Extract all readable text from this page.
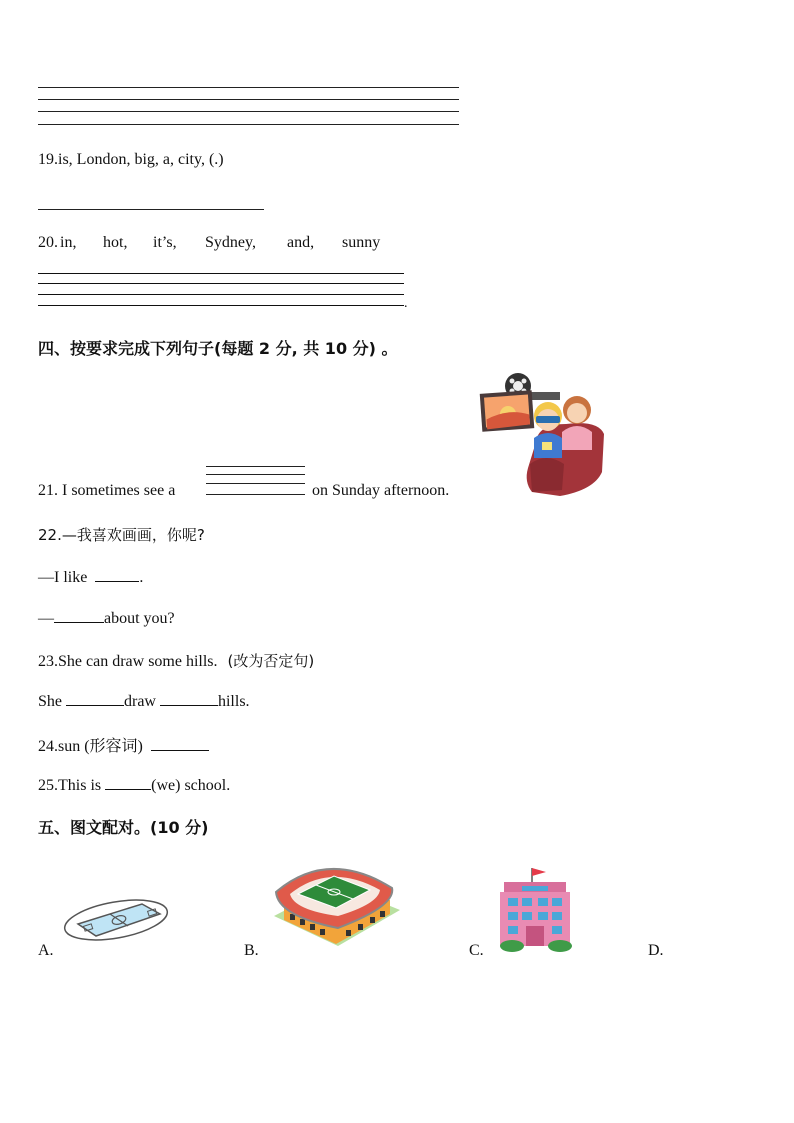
19.is, London, big, a, city, (.)
20. in, hot, it’s, Sydney, and, sunny
.
四、按要求完成下列句子(每题 2 分, 共 10 分) 。
21. I sometimes see a	on Sunday afternoon.
22.—我喜欢画画，你呢?
—I like	.
—	about you?
23.She can draw some hills. (改为否定句)
She	draw	hills.
24.sun (形容词)
25.This is	(we) school.
五、图文配对。(10 分)
A.	B.	C.	D.
